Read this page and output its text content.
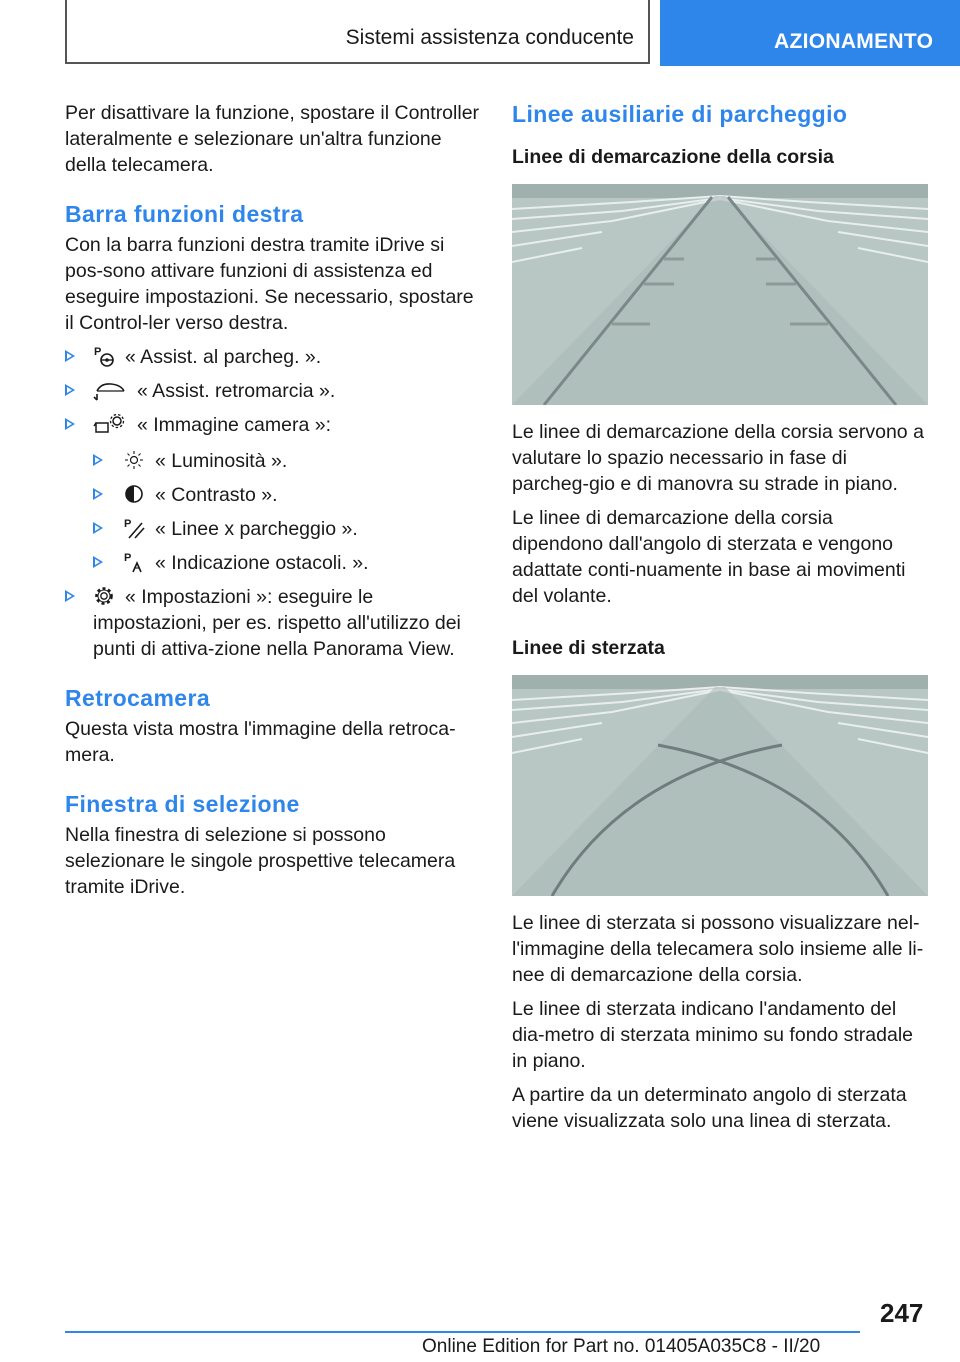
Sistemi assistenza conducente	AZIONAMENTO

Per disattivare la funzione, spostare il Controller lateralmente e selezionare un'altra funzione della telecamera.

Barra funzioni destra

Con la barra funzioni destra tramite iDrive si pos-sono attivare funzioni di assistenza ed eseguire impostazioni. Se necessario, spostare il Control-ler verso destra.

P « Assist. al parcheg. ».
« Assist. retromarcia ».
« Immagine camera »:
« Luminosità ».
« Contrasto ».
P « Linee x parcheggio ».
P « Indicazione ostacoli. ».
« Impostazioni »: eseguire le impostazioni, per es. rispetto all'utilizzo dei punti di attiva-zione nella Panorama View.
Retrocamera

Questa vista mostra l'immagine della retroca-mera.

Finestra di selezione

Nella finestra di selezione si possono selezionare le singole prospettive telecamera tramite iDrive.

Linee ausiliarie di parcheggio
Linee di demarcazione della corsia

Le linee di demarcazione della corsia servono a valutare lo spazio necessario in fase di parcheg-gio e di manovra su strade in piano.

Le linee di demarcazione della corsia dipendono dall'angolo di sterzata e vengono adattate conti-nuamente in base ai movimenti del volante.

Linee di sterzata

Le linee di sterzata si possono visualizzare nel-l'immagine della telecamera solo insieme alle li-nee di demarcazione della corsia.

Le linee di sterzata indicano l'andamento del dia-metro di sterzata minimo su fondo stradale in piano.

A partire da un determinato angolo di sterzata viene visualizzata solo una linea di sterzata.

247
Online Edition for Part no. 01405A035C8 - II/20
